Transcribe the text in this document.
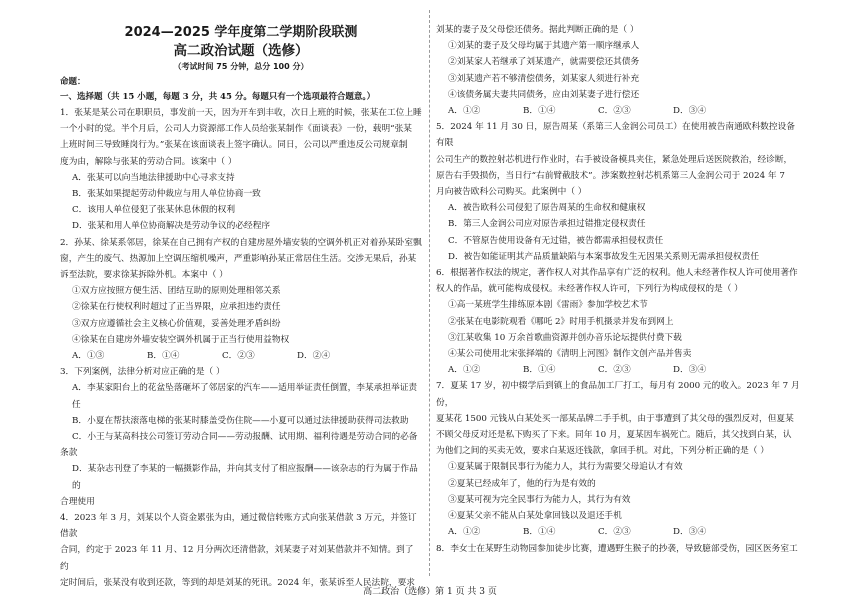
2024—2025 学年度第二学期阶段联测
高二政治试题（选修）
（考试时间 75 分钟，总分 100 分）
命题：
一、选择题（共 15 小题，每题 3 分，共 45 分。每题只有一个选项最符合题意。）
1．张某是某公司在职职员，事发前一天，因为开车到丰收，次日上班的时候，张某在工位上睡
一个小时的觉。半个月后，公司人力资源部工作人员给张某制作《面谈表》一份，载明“张某
上班时间三导致睡岗行为。”张某在该面谈表上签字确认。同日，公司以严重违反公司规章制
度为由，解除与张某的劳动合同。该案中（ ）
A．张某可以向当地法律援助中心寻求支持
B．张某如果提起劳动仲裁应与用人单位协商一致
C．该用人单位侵犯了张某休息休假的权利
D．张某和用人单位协商解决是劳动争议的必经程序
2．孙某、徐某系邻居，徐某在自己拥有产权的自建房屋外墙安装的空调外机正对着孙某卧室飘
窗，产生的废气、热源加上空调压缩机噪声，严重影响孙某正常居住生活。交涉无果后，孙某
诉至法院，要求徐某拆除外机。本案中（ ）
①双方应按照方便生活、团结互助的原则处理相邻关系
②徐某在行使权利时超过了正当界限，应承担违约责任
③双方应遵循社会主义核心价值观，妥善处理矛盾纠纷
④徐某在自建房外墙安装空调外机属于正当行使用益物权
A．①③	B．①④	C．②③	D．②④
3．下列案例，法律分析对应正确的是（ ）
A．李某家阳台上的花盆坠落砸坏了邻居家的汽车——适用举证责任倒置，李某承担举证责任
B．小夏在帮扶滚落电梯的张某时膝盖受伤住院——小夏可以通过法律援助获得司法救助
C．小王与某高科技公司签订劳动合同——劳动报酬、试用期、福利待遇是劳动合同的必备
条款
D．某杂志刊登了李某的一幅摄影作品，并向其支付了相应报酬——该杂志的行为属于作品的
合理使用
4．2023 年 3 月，刘某以个人资金累张为由，通过微信转账方式向张某借款 3 万元，并签订借款
合同，约定于 2023 年 11 月、12 月分两次还清借款，刘某妻子对刘某借款并不知情。到了约
定时间后，张某没有收到还款，等到的却是刘某的死讯。2024 年，张某诉至人民法院，要求
刘某的妻子及父母偿还债务。据此判断正确的是（ ）
①刘某的妻子及父母均属于其遗产第一顺序继承人
②刘某家人若继承了刘某遗产，就需要偿还其债务
③刘某遗产若不够清偿债务，刘某家人须进行补充
④该债务属夫妻共同债务，应由刘某妻子进行偿还
A．①②	B．①④	C．②③	D．③④
5．2024 年 11 月 30 日，原告周某（系第三人金润公司员工）在使用被告南通欧科数控设备有限
公司生产的数控射芯机进行作业时，右手被设备模具夹住，紧急处理后送医院救治，经诊断，
原告右手毁损伤，当日行“右前臂截肢术”。涉案数控射芯机系第三人金润公司于 2024 年 7
月向被告欧科公司购买。此案例中（ ）
A．被告欧科公司侵犯了原告周某的生命权和健康权
B．第三人金润公司应对原告承担过错推定侵权责任
C．不管原告使用设备有无过错，被告都需承担侵权责任
D．被告如能证明其产品质量缺陷与本案事故发生无因果关系则无需承担侵权责任
6．根据著作权法的规定，著作权人对其作品享有广泛的权利。他人未经著作权人许可使用著作
权人的作品，就可能构成侵权。未经著作权人许可，下列行为构成侵权的是（ ）
①高一某班学生排练原本剧《雷雨》参加学校艺术节
②张某在电影院观看《哪吒 2》时用手机摄录并发布到网上
③江某收集 10 万余首歌曲资源并创办音乐论坛提供付费下载
④某公司使用北宋张择端的《清明上河图》制作文创产品并售卖
A．①②	B．①④	C．②③	D．③④
7．夏某 17 岁，初中辍学后到镇上的食品加工厂打工，每月有 2000 元的收入。2023 年 7 月份，
夏某花 1500 元钱从白某处买一部某品牌二手手机，由于事遭到了其父母的强烈反对，但夏某
不顾父母反对还是私下购买了下来。同年 10 月，夏某因车祸死亡。随后，其父找到白某，认
为他们之间的买卖无效，要求白某返还钱款，拿回手机。对此，下列分析正确的是（ ）
①夏某属于限制民事行为能力人，其行为需要父母追认才有效
②夏某已经成年了，他的行为是有效的
③夏某可视为完全民事行为能力人，其行为有效
④夏某父亲不能从白某处拿回钱以及退还手机
A．①②	B．①④	C．②③	D．③④
8．李女士在某野生动物园参加徒步比赛，遭遇野生猴子的抄袭，导致臆部受伤，园区医务室工
高二政治（选修）第 1 页 共 3 页
